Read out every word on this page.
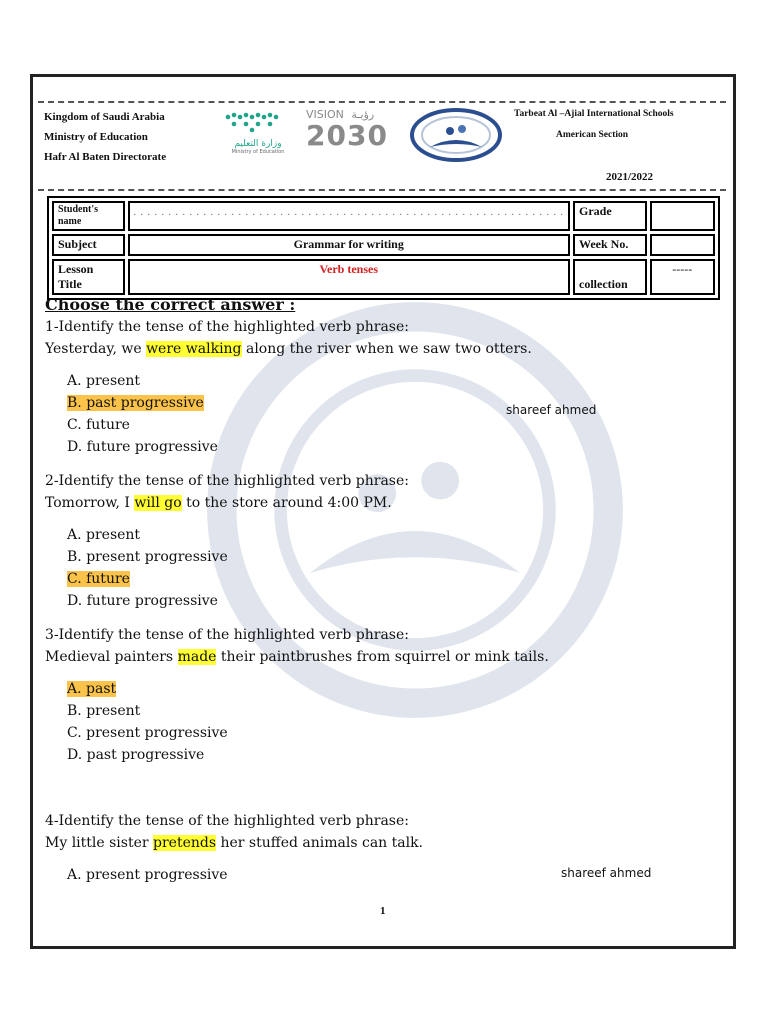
Kingdom of Saudi Arabia
Ministry of Education
Hafr Al Baten Directorate
وزارة التعليم
Ministry of Education
VISION رؤيـة
2030
Tarbeat Al –Ajial International Schools
American Section
2021/2022
Student's name	. . . . . . . . . . . . . . . . . . . . . . . . . . . . . . . . . . . . . . . . . . . . . . . . . . . . . . . . . . . . . .	Grade	
Subject	Grammar for writing	Week No.	
Lesson Title	Verb tenses	collection	-----

Choose the correct answer :

1-Identify the tense of the highlighted verb phrase:

Yesterday, we were walking along the river when we saw two otters.

A. present
B. past progressive
C. future
D. future progressive

2-Identify the tense of the highlighted verb phrase:

Tomorrow, I will go to the store around 4:00 PM.

A. present
B. present progressive
C. future
D. future progressive

3-Identify the tense of the highlighted verb phrase:

Medieval painters made their paintbrushes from squirrel or mink tails.

A. past
B. present
C. present progressive
D. past progressive

4-Identify the tense of the highlighted verb phrase:

My little sister pretends her stuffed animals can talk.

A. present progressive
shareef ahmed
shareef ahmed
1
